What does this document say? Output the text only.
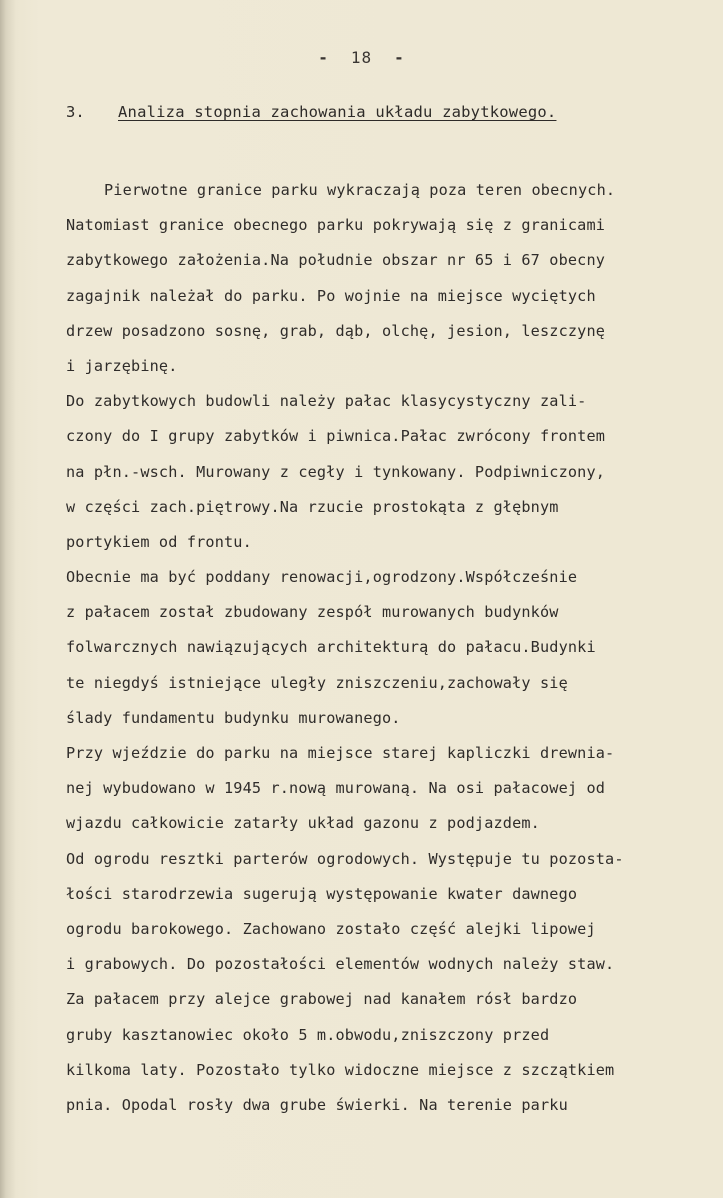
- 18 -
3. Analiza stopnia zachowania układu zabytkowego.
Pierwotne granice parku wykraczają poza teren obecnych.
Natomiast granice obecnego parku pokrywają się z granicami
zabytkowego założenia.Na południe obszar nr 65 i 67 obecny
zagajnik należał do parku. Po wojnie na miejsce wyciętych
drzew posadzono sosnę, grab, dąb, olchę, jesion, leszczynę
i jarzębinę.
Do zabytkowych budowli należy pałac klasycystyczny zali-
czony do I grupy zabytków i piwnica.Pałac zwrócony frontem
na płn.-wsch. Murowany z cegły i tynkowany. Podpiwniczony,
w części zach.piętrowy.Na rzucie prostokąta z głębnym
portykiem od frontu.
Obecnie ma być poddany renowacji,ogrodzony.Współcześnie
z pałacem został zbudowany zespół murowanych budynków
folwarcznych nawiązujących architekturą do pałacu.Budynki
te niegdyś istniejące uległy zniszczeniu,zachowały się
ślady fundamentu budynku murowanego.
Przy wjeździe do parku na miejsce starej kapliczki drewnia-
nej wybudowano w 1945 r.nową murowaną. Na osi pałacowej od
wjazdu całkowicie zatarły układ gazonu z podjazdem.
Od ogrodu resztki parterów ogrodowych. Występuje tu pozosta-
łości starodrzewia sugerują występowanie kwater dawnego
ogrodu barokowego. Zachowano zostało część alejki lipowej
i grabowych. Do pozostałości elementów wodnych należy staw.
Za pałacem przy alejce grabowej nad kanałem rósł bardzo
gruby kasztanowiec około 5 m.obwodu,zniszczony przed
kilkoma laty. Pozostało tylko widoczne miejsce z szczątkiem
pnia. Opodal rosły dwa grube świerki. Na terenie parku
